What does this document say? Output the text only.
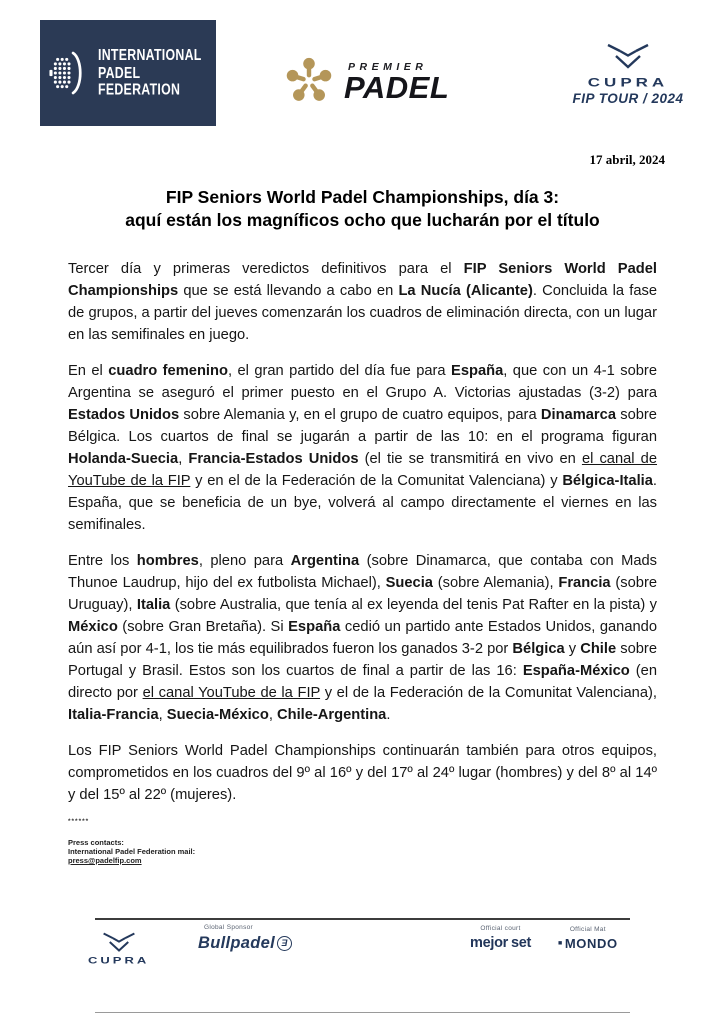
INTERNATIONAL
PADEL
FEDERATION
PREMIER
PADEL	CUPRA
FIP TOUR / 2024
17 abril, 2024
FIP Seniors World Padel Championships, día 3:
aquí están los magníficos ocho que lucharán por el título

Tercer día y primeras veredictos definitivos para el FIP Seniors World Padel Championships que se está llevando a cabo en La Nucía (Alicante). Concluida la fase de grupos, a partir del jueves comenzarán los cuadros de eliminación directa, con un lugar en las semifinales en juego.

En el cuadro femenino, el gran partido del día fue para España, que con un 4-1 sobre Argentina se aseguró el primer puesto en el Grupo A. Victorias ajustadas (3-2) para Estados Unidos sobre Alemania y, en el grupo de cuatro equipos, para Dinamarca sobre Bélgica. Los cuartos de final se jugarán a partir de las 10: en el programa figuran Holanda-Suecia, Francia-Estados Unidos (el tie se transmitirá en vivo en el canal de YouTube de la FIP y en el de la Federación de la Comunitat Valenciana) y Bélgica-Italia. España, que se beneficia de un bye, volverá al campo directamente el viernes en las semifinales.

Entre los hombres, pleno para Argentina (sobre Dinamarca, que contaba con Mads Thunoe Laudrup, hijo del ex futbolista Michael), Suecia (sobre Alemania), Francia (sobre Uruguay), Italia (sobre Australia, que tenía al ex leyenda del tenis Pat Rafter en la pista) y México (sobre Gran Bretaña). Si España cedió un partido ante Estados Unidos, ganando aún así por 4-1, los tie más equilibrados fueron los ganados 3-2 por Bélgica y Chile sobre Portugal y Brasil. Estos son los cuartos de final a partir de las 16: España-México (en directo por el canal YouTube de la FIP y el de la Federación de la Comunitat Valenciana), Italia-Francia, Suecia-México, Chile-Argentina.

Los FIP Seniors World Padel Championships continuarán también para otros equipos, comprometidos en los cuadros del 9º al 16º y del 17º al 24º lugar (hombres) y del 8º al 14º y del 15º al 22º (mujeres).

******
Press contacts:
International Padel Federation mail:
press@padelfip.com
CUPRA
Global Sponsor
Bullpadel Ǝ
Official court
mejor set
Official Mat
■ MONDO
